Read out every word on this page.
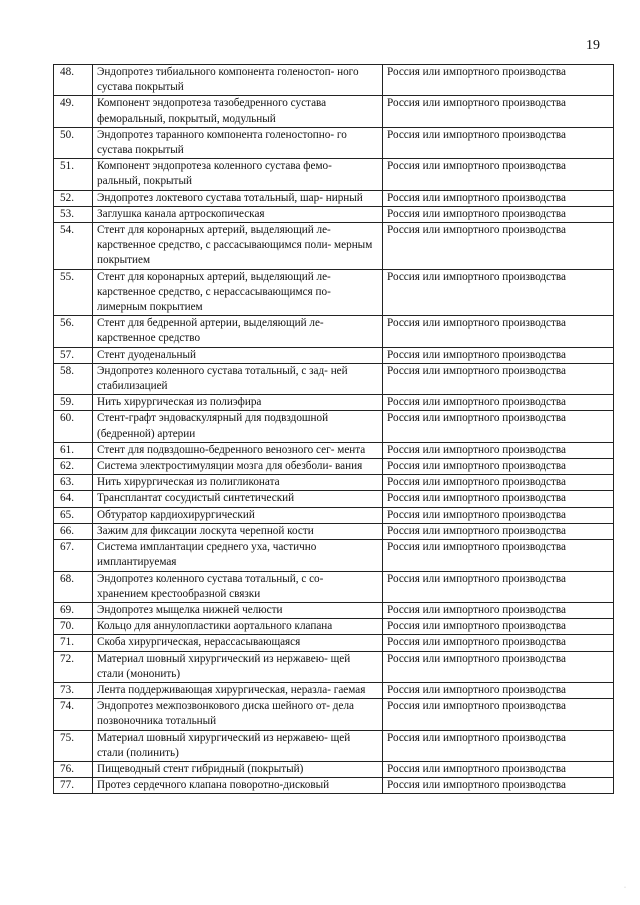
19
48.	Эндопротез тибиального компонента голеностоп- ного сустава покрытый	Россия или импортного производства
49.	Компонент эндопротеза тазобедренного сустава феморальный, покрытый, модульный	Россия или импортного производства
50.	Эндопротез таранного компонента голеностопно- го сустава покрытый	Россия или импортного производства
51.	Компонент эндопротеза коленного сустава фемо- ральный, покрытый	Россия или импортного производства
52.	Эндопротез локтевого сустава тотальный, шар- нирный	Россия или импортного производства
53.	Заглушка канала артроскопическая	Россия или импортного производства
54.	Стент для коронарных артерий, выделяющий ле- карственное средство, с рассасывающимся поли- мерным покрытием	Россия или импортного производства
55.	Стент для коронарных артерий, выделяющий ле- карственное средство, с нерассасывающимся по- лимерным покрытием	Россия или импортного производства
56.	Стент для бедренной артерии, выделяющий ле- карственное средство	Россия или импортного производства
57.	Стент дуоденальный	Россия или импортного производства
58.	Эндопротез коленного сустава тотальный, с зад- ней стабилизацией	Россия или импортного производства
59.	Нить хирургическая из полиэфира	Россия или импортного производства
60.	Стент-графт эндоваскулярный для подвздошной (бедренной) артерии	Россия или импортного производства
61.	Стент для подвздошно-бедренного венозного сег- мента	Россия или импортного производства
62.	Система электростимуляции мозга для обезболи- вания	Россия или импортного производства
63.	Нить хирургическая из полигликоната	Россия или импортного производства
64.	Трансплантат сосудистый синтетический	Россия или импортного производства
65.	Обтуратор кардиохирургический	Россия или импортного производства
66.	Зажим для фиксации лоскута черепной кости	Россия или импортного производства
67.	Система имплантации среднего уха, частично имплантируемая	Россия или импортного производства
68.	Эндопротез коленного сустава тотальный, с со- хранением крестообразной связки	Россия или импортного производства
69.	Эндопротез мыщелка нижней челюсти	Россия или импортного производства
70.	Кольцо для аннулопластики аортального клапана	Россия или импортного производства
71.	Скоба хирургическая, нерассасывающаяся	Россия или импортного производства
72.	Материал шовный хирургический из нержавею- щей стали (мононить)	Россия или импортного производства
73.	Лента поддерживающая хирургическая, неразла- гаемая	Россия или импортного производства
74.	Эндопротез межпозвонкового диска шейного от- дела позвоночника тотальный	Россия или импортного производства
75.	Материал шовный хирургический из нержавею- щей стали (полинить)	Россия или импортного производства
76.	Пищеводный стент гибридный (покрытый)	Россия или импортного производства
77.	Протез сердечного клапана поворотно-дисковый	Россия или импортного производства
·
